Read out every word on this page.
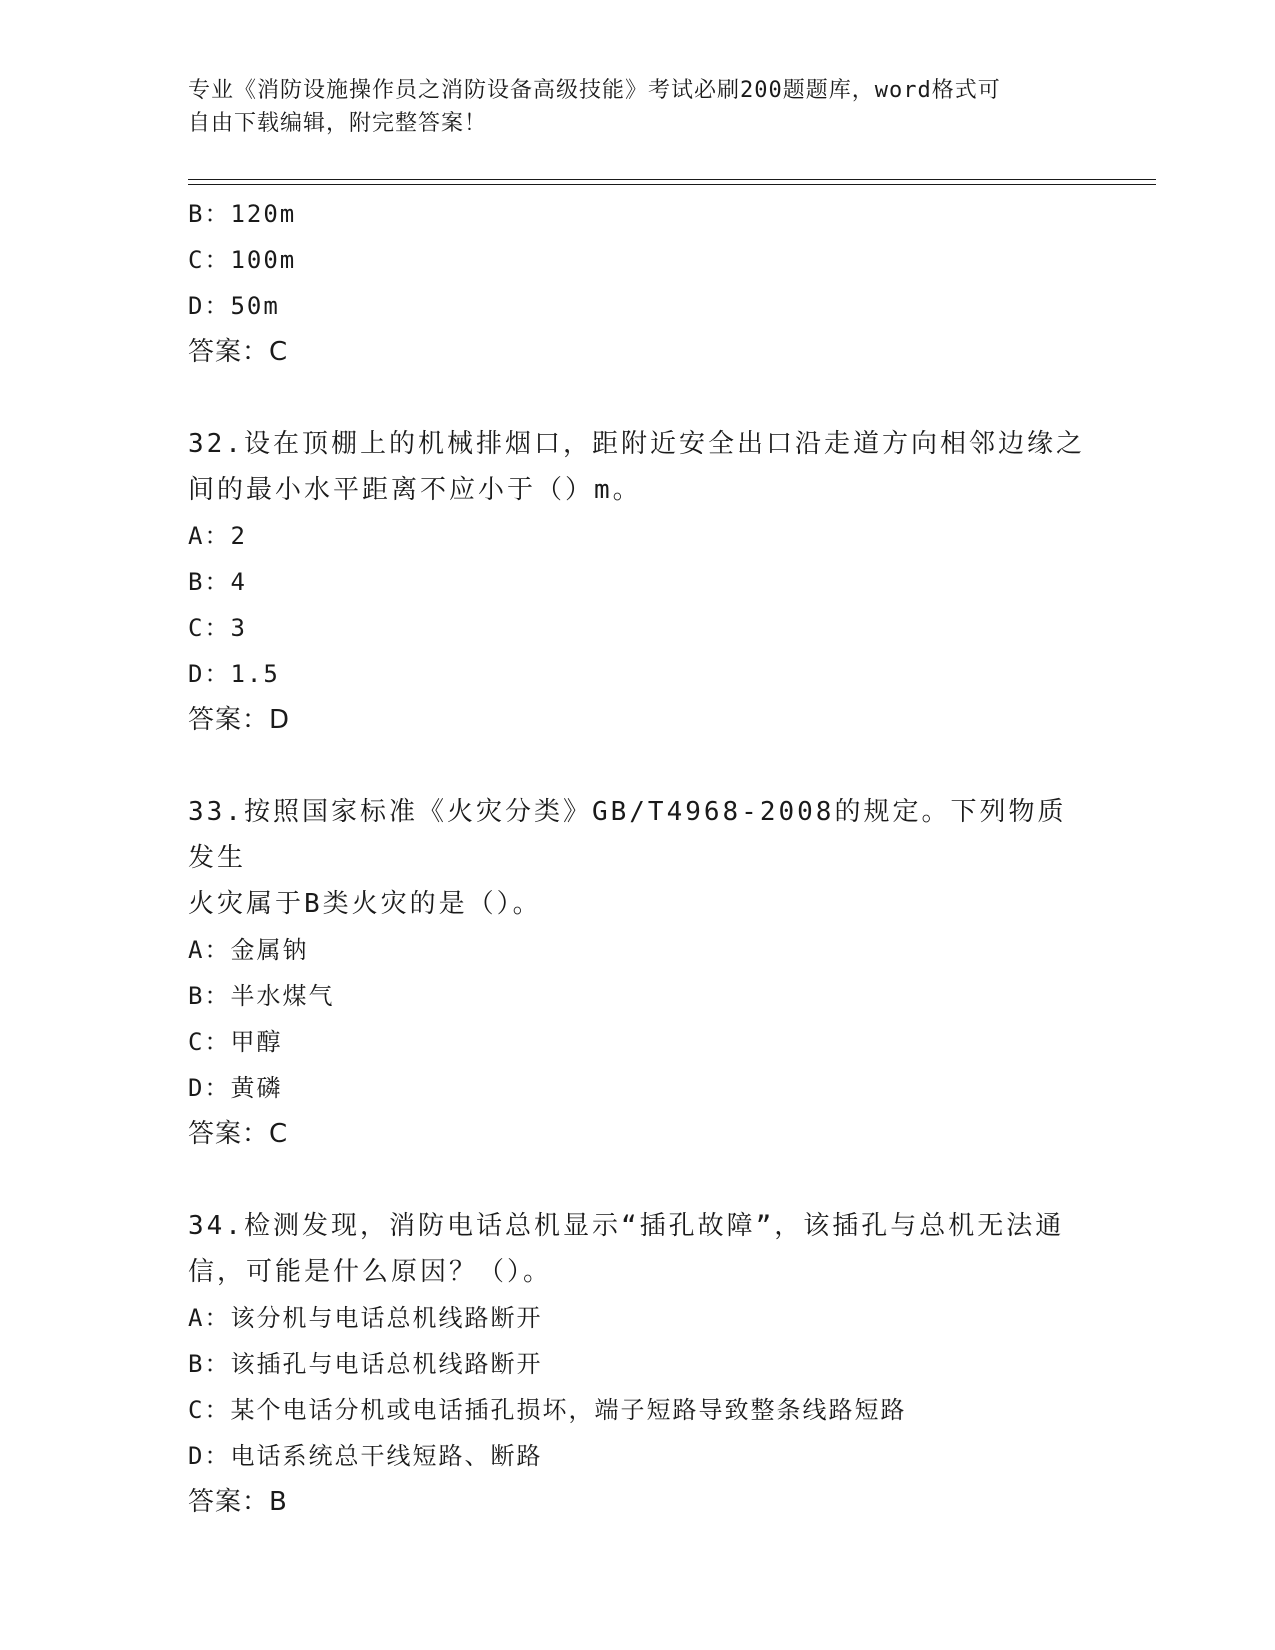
专业《消防设施操作员之消防设备高级技能》考试必刷200题题库，word格式可
自由下载编辑，附完整答案！
B：120m
C：100m
D：50m
答案：C
32.设在顶棚上的机械排烟口，距附近安全出口沿走道方向相邻边缘之
间的最小水平距离不应小于（）m。
A：2
B：4
C：3
D：1.5
答案：D
33.按照国家标准《火灾分类》GB/T4968-2008的规定。下列物质发生
火灾属于B类火灾的是（）。
A：金属钠
B：半水煤气
C：甲醇
D：黄磷
答案：C
34.检测发现，消防电话总机显示“插孔故障”，该插孔与总机无法通
信，可能是什么原因？（）。
A：该分机与电话总机线路断开
B：该插孔与电话总机线路断开
C：某个电话分机或电话插孔损坏，端子短路导致整条线路短路
D：电话系统总干线短路、断路
答案：B
